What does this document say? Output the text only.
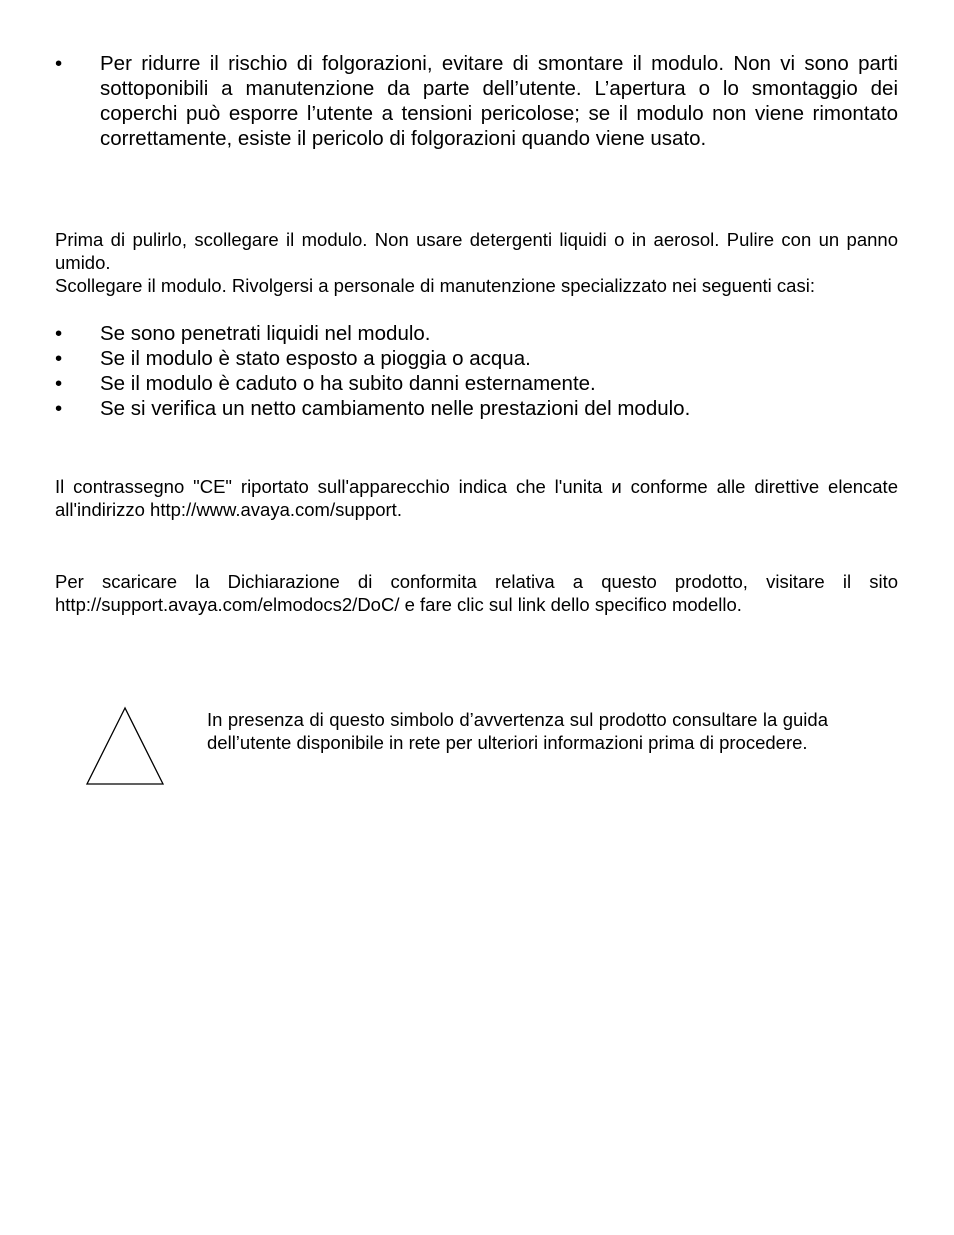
•	Per ridurre il rischio di folgorazioni, evitare di smontare il modulo. Non vi sono parti sottoponibili a manutenzione da parte dell’utente. L’apertura o lo smontaggio dei coperchi può esporre l’utente a tensioni pericolose; se il modulo non viene rimontato correttamente, esiste il pericolo di folgorazioni quando viene usato.
Prima di pulirlo, scollegare il modulo. Non usare detergenti liquidi o in aerosol. Pulire con un panno umido.
Scollegare il modulo. Rivolgersi a personale di manutenzione specializzato nei seguenti casi:
•	Se sono penetrati liquidi nel modulo.
•	Se il modulo è stato esposto a pioggia o acqua.
•	Se il modulo è caduto o ha subito danni esternamente.
•	Se si verifica un netto cambiamento nelle prestazioni del modulo.
Il contrassegno "CE" riportato sull'apparecchio indica che l'unita и conforme alle direttive elencate all'indirizzo http://www.avaya.com/support.
Per scaricare la Dichiarazione di conformita relativa a questo prodotto, visitare il sito http://support.avaya.com/elmodocs2/DoC/ e fare clic sul link dello specifico modello.
In presenza di questo simbolo d’avvertenza sul prodotto consultare la guida dell’utente disponibile in rete per ulteriori informazioni prima di procedere.
